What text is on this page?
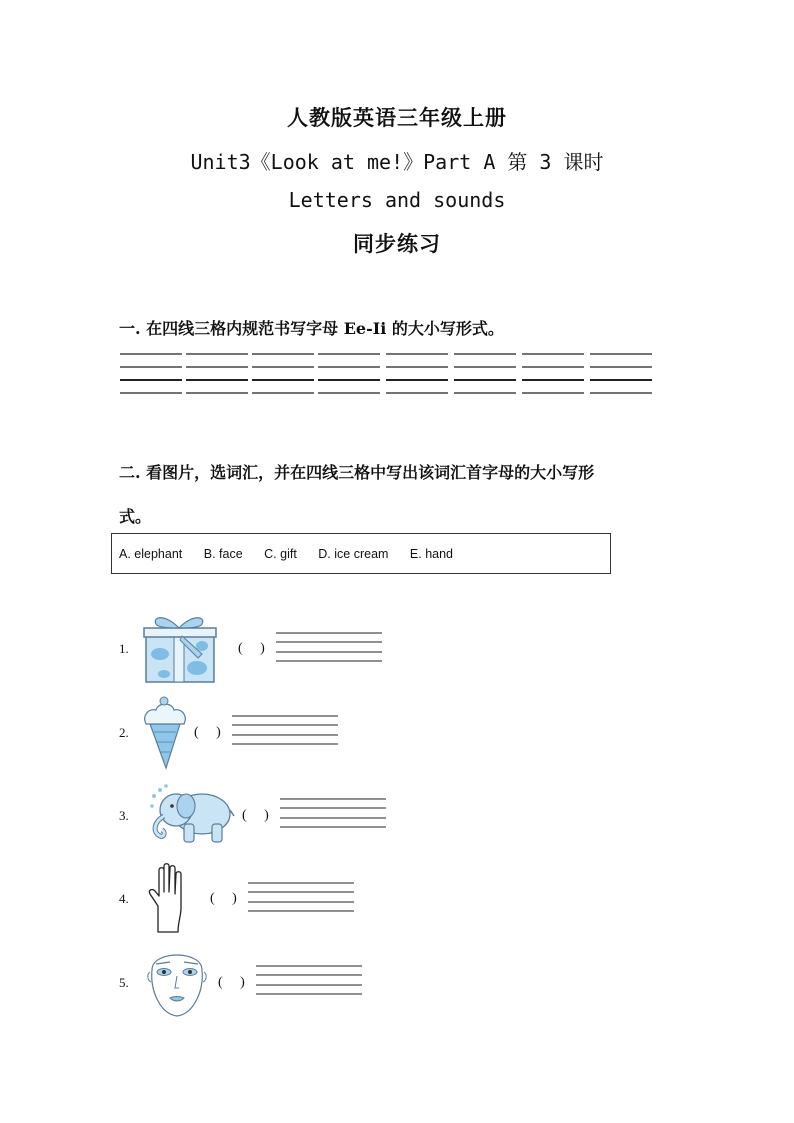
人教版英语三年级上册
Unit3《Look at me!》Part A 第 3 课时
Letters and sounds
同步练习
一. 在四线三格内规范书写字母 Ee-Ii 的大小写形式。
二. 看图片，选词汇，并在四线三格中写出该词汇首字母的大小写形
式。
A. elephant B. face C. gift D. ice cream E. hand
1.	(     )
2.	(     )
3.	(     )
4.	(     )
5.	(     )
